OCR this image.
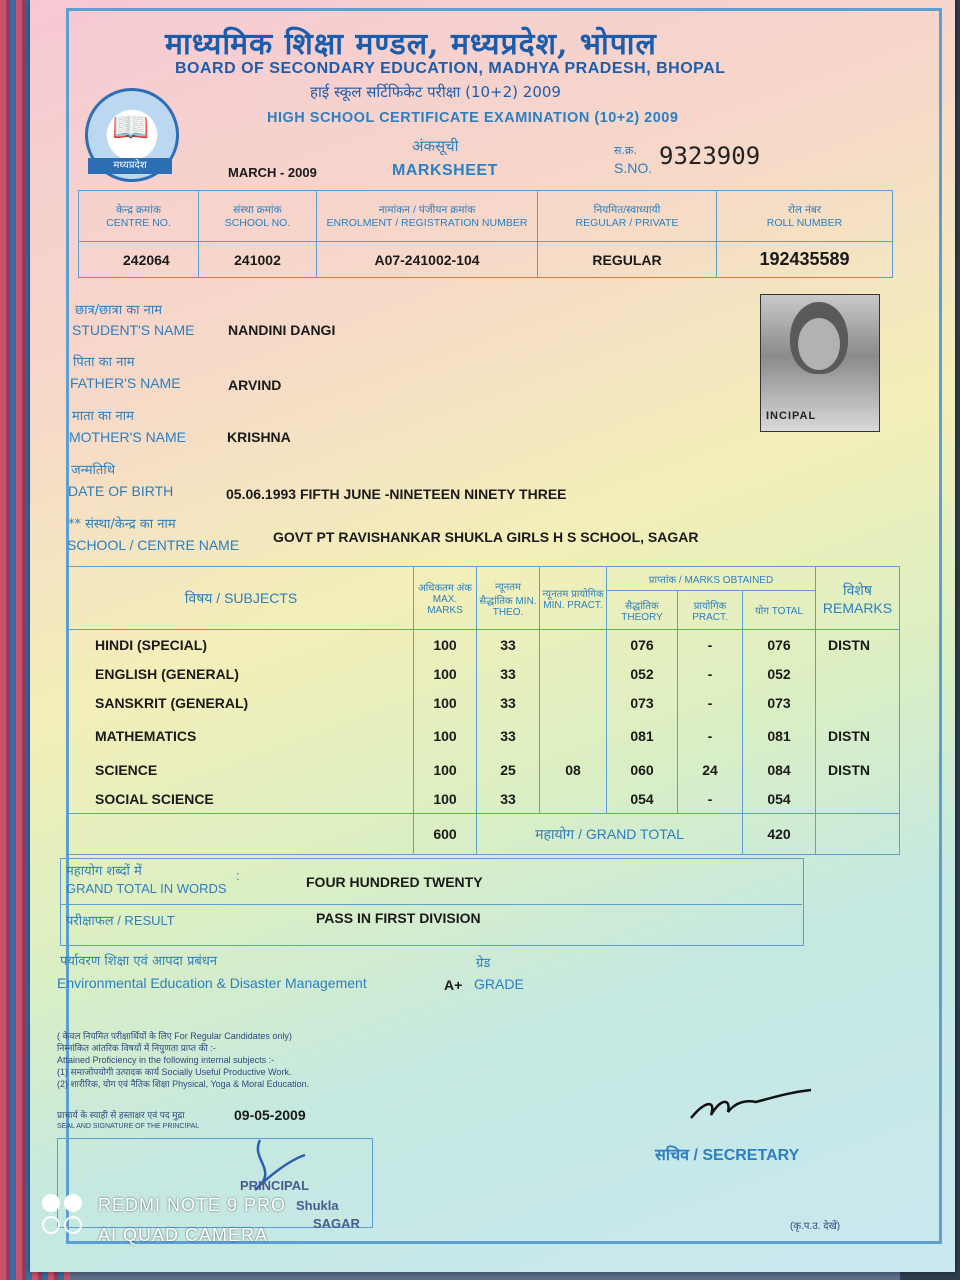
📖
मध्यप्रदेश

माध्यमिक शिक्षा मण्डल, मध्यप्रदेश, भोपाल

BOARD OF SECONDARY EDUCATION, MADHYA PRADESH, BHOPAL

हाई स्कूल सर्टिफिकेट परीक्षा (10+2) 2009

HIGH SCHOOL CERTIFICATE EXAMINATION (10+2) 2009

अंकसूची

MARKSHEET

MARCH - 2009

स.क्र.

S.NO. 9323909

केन्द्र क्रमांक
CENTRE NO.	संस्था क्रमांक
SCHOOL NO.	नामांकन / पंजीयन क्रमांक
ENROLMENT / REGISTRATION NUMBER	नियमित/स्वाध्यायी
REGULAR / PRIVATE	रोल नंबर
ROLL NUMBER
242064	241002	A07-241002-104	REGULAR	192435589

छात्र/छात्रा का नाम

STUDENT'S NAME NANDINI DANGI

पिता का नाम

FATHER'S NAME	ARVIND

माता का नाम

MOTHER'S NAME	KRISHNA

जन्मतिथि

DATE OF BIRTH	05.06.1993 FIFTH JUNE -NINETEEN NINETY THREE

** संस्था/केन्द्र का नाम

SCHOOL / CENTRE NAME GOVT PT RAVISHANKAR SHUKLA GIRLS H S SCHOOL, SAGAR

INCIPAL

विषय / SUBJECTS	अधिकतम अंक MAX. MARKS	न्यूनतम सैद्धांतिक MIN. THEO.	न्यूनतम प्रायोगिक MIN. PRACT.	प्राप्तांक / MARKS OBTAINED			विशेष REMARKS
				सैद्धांतिक THEORY	प्रायोगिक PRACT.	योग TOTAL	
HINDI (SPECIAL)	100	33		076	-	076	DISTN
ENGLISH (GENERAL)	100	33		052	-	052	
SANSKRIT (GENERAL)	100	33		073	-	073	
MATHEMATICS	100	33		081	-	081	DISTN
SCIENCE	100	25	08	060	24	084	DISTN
SOCIAL SCIENCE	100	33		054	-	054	
	600	महायोग / GRAND TOTAL				420	

महायोग शब्दों में

GRAND TOTAL IN WORDS

:	FOUR HUNDRED TWENTY

परीक्षाफल / RESULT	PASS IN FIRST DIVISION

पर्यावरण शिक्षा एवं आपदा प्रबंधन

Environmental Education & Disaster Management

ग्रेड

A+ GRADE

( केवल नियमित परीक्षार्थियों के लिए For Regular Candidates only)
निम्नांकित आंतरिक विषयों में निपुणता प्राप्त की :-
Attained Proficiency in the following internal subjects :-
(1) समाजोपयोगी उत्पादक कार्य Socially Useful Productive Work.
(2) शारीरिक, योग एवं नैतिक शिक्षा Physical, Yoga & Moral Education.

प्राचार्य के स्याही से हस्ताक्षर एवं पद मुद्रा

SEAL AND SIGNATURE OF THE PRINCIPAL

09-05-2009

PRINCIPAL

Shukla

SAGAR

सचिव / SECRETARY

(कृ.प.उ. देखें)

REDMI NOTE 9 PRO
AI QUAD CAMERA
